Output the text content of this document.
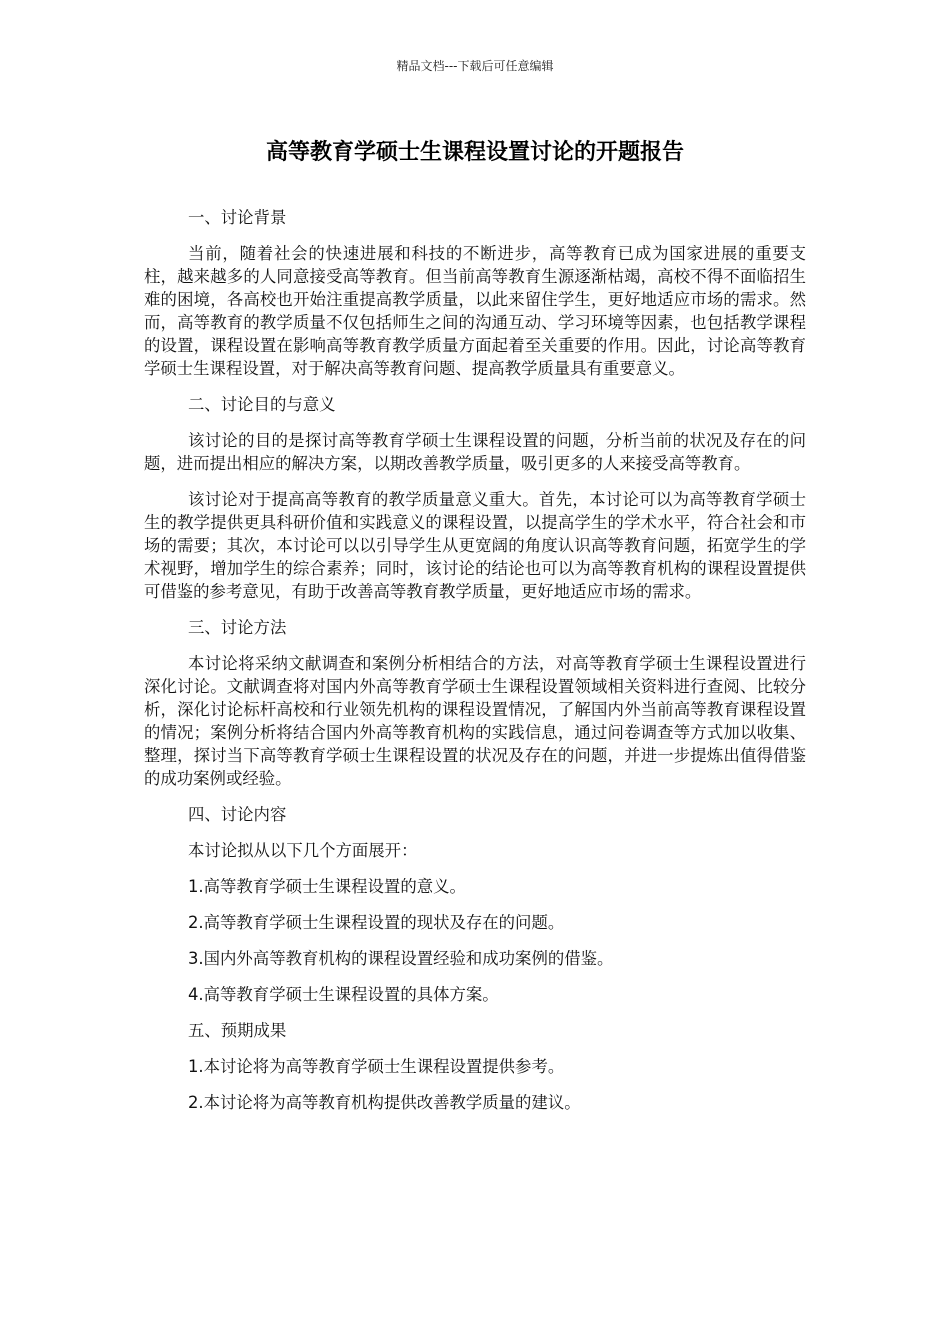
精品文档---下载后可任意编辑
高等教育学硕士生课程设置讨论的开题报告

一、讨论背景

当前，随着社会的快速进展和科技的不断进步，高等教育已成为国家进展的重要支柱，越来越多的人同意接受高等教育。但当前高等教育生源逐渐枯竭，高校不得不面临招生难的困境，各高校也开始注重提高教学质量，以此来留住学生，更好地适应市场的需求。然而，高等教育的教学质量不仅包括师生之间的沟通互动、学习环境等因素，也包括教学课程的设置，课程设置在影响高等教育教学质量方面起着至关重要的作用。因此，讨论高等教育学硕士生课程设置，对于解决高等教育问题、提高教学质量具有重要意义。

二、讨论目的与意义

该讨论的目的是探讨高等教育学硕士生课程设置的问题，分析当前的状况及存在的问题，进而提出相应的解决方案，以期改善教学质量，吸引更多的人来接受高等教育。

该讨论对于提高高等教育的教学质量意义重大。首先，本讨论可以为高等教育学硕士生的教学提供更具科研价值和实践意义的课程设置，以提高学生的学术水平，符合社会和市场的需要；其次，本讨论可以以引导学生从更宽阔的角度认识高等教育问题，拓宽学生的学术视野，增加学生的综合素养；同时，该讨论的结论也可以为高等教育机构的课程设置提供可借鉴的参考意见，有助于改善高等教育教学质量，更好地适应市场的需求。

三、讨论方法

本讨论将采纳文献调查和案例分析相结合的方法，对高等教育学硕士生课程设置进行深化讨论。文献调查将对国内外高等教育学硕士生课程设置领域相关资料进行查阅、比较分析，深化讨论标杆高校和行业领先机构的课程设置情况，了解国内外当前高等教育课程设置的情况；案例分析将结合国内外高等教育机构的实践信息，通过问卷调查等方式加以收集、整理，探讨当下高等教育学硕士生课程设置的状况及存在的问题，并进一步提炼出值得借鉴的成功案例或经验。

四、讨论内容

本讨论拟从以下几个方面展开：

1.高等教育学硕士生课程设置的意义。

2.高等教育学硕士生课程设置的现状及存在的问题。

3.国内外高等教育机构的课程设置经验和成功案例的借鉴。

4.高等教育学硕士生课程设置的具体方案。

五、预期成果

1.本讨论将为高等教育学硕士生课程设置提供参考。

2.本讨论将为高等教育机构提供改善教学质量的建议。
